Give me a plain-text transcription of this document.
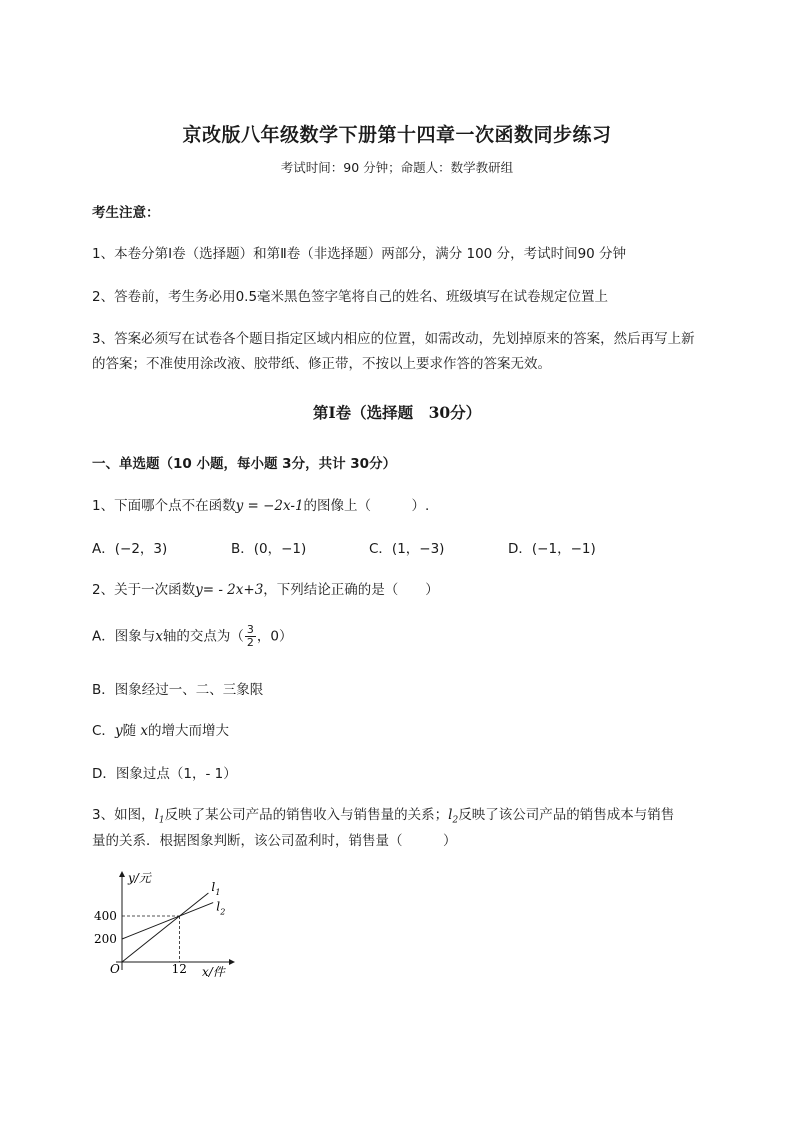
京改版八年级数学下册第十四章一次函数同步练习
考试时间：90 分钟；命题人：数学教研组
考生注意：
1、本卷分第Ⅰ卷（选择题）和第Ⅱ卷（非选择题）两部分，满分 100 分，考试时间90 分钟
2、答卷前，考生务必用0.5毫米黑色签字笔将自己的姓名、班级填写在试卷规定位置上
3、答案必须写在试卷各个题目指定区域内相应的位置，如需改动，先划掉原来的答案，然后再写上新
的答案；不准使用涂改液、胶带纸、修正带，不按以上要求作答的答案无效。
第Ⅰ卷（选择题　30分）
一、单选题（10 小题，每小题 3分，共计 30分）
1、下面哪个点不在函数y = −2x-1的图像上（　　　）.
A．(−2，3)	B．(0，−1)	C．(1，−3)	D．(−1，−1)
2、关于一次函数y= - 2x+3，下列结论正确的是（　　）
A．图象与x轴的交点为（ $\frac{3}{2}$ ，0）
B．图象经过一、二、三象限
C．y随 x的增大而增大
D．图象过点（1，- 1）
3、如图，$l_1$反映了某公司产品的销售收入与销售量的关系；$l_2$反映了该公司产品的销售成本与销售
量的关系．根据图象判断，该公司盈利时，销售量（　　　）
y/元
x/件
O
400
200
12
l 1
l 2
